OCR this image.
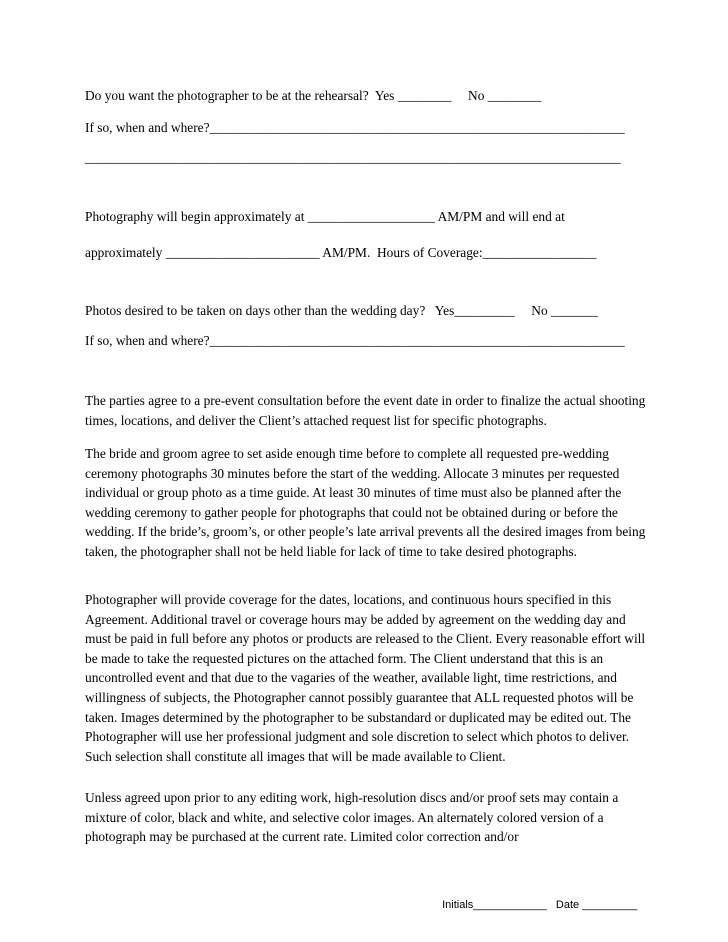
Do you want the photographer to be at the rehearsal?  Yes ________     No ________
If so, when and where?______________________________________________________________
________________________________________________________________________________
Photography will begin approximately at ___________________ AM/PM and will end at
approximately _______________________ AM/PM.  Hours of Coverage:_________________
Photos desired to be taken on days other than the wedding day?   Yes_________     No _______
If so, when and where?______________________________________________________________

The parties agree to a pre-event consultation before the event date in order to finalize the actual shooting times, locations, and deliver the Client’s attached request list for specific photographs.

The bride and groom agree to set aside enough time before to complete all requested pre-wedding ceremony photographs 30 minutes before the start of the wedding. Allocate 3 minutes per requested individual or group photo as a time guide. At least 30 minutes of time must also be planned after the wedding ceremony to gather people for photographs that could not be obtained during or before the wedding. If the bride’s, groom’s, or other people’s late arrival prevents all the desired images from being taken, the photographer shall not be held liable for lack of time to take desired photographs.

Photographer will provide coverage for the dates, locations, and continuous hours specified in this Agreement. Additional travel or coverage hours may be added by agreement on the wedding day and must be paid in full before any photos or products are released to the Client. Every reasonable effort will be made to take the requested pictures on the attached form. The Client understand that this is an uncontrolled event and that due to the vagaries of the weather, available light, time restrictions, and willingness of subjects, the Photographer cannot possibly guarantee that ALL requested photos will be taken. Images determined by the photographer to be substandard or duplicated may be edited out. The Photographer will use her professional judgment and sole discretion to select which photos to deliver. Such selection shall constitute all images that will be made available to Client.

Unless agreed upon prior to any editing work, high-resolution discs and/or proof sets may contain a mixture of color, black and white, and selective color images. An alternately colored version of a photograph may be purchased at the current rate. Limited color correction and/or

Initials____________ Date _________
